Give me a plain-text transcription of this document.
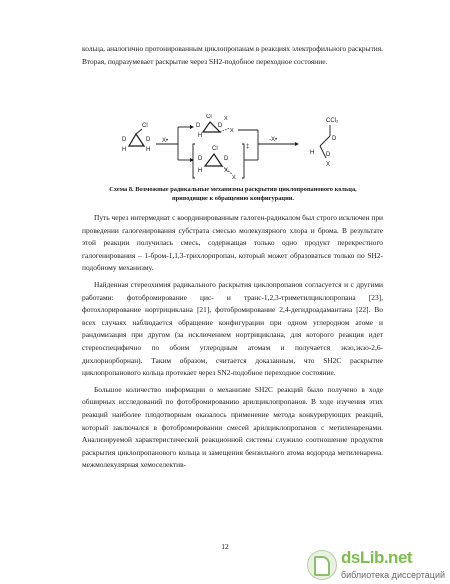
кольца, аналогично протонированным циклопропанам в реакциях электрофильного раскрытия. Вторая, подразумевает раскрытие через SH2-подобное переходное состояние.

Cl
D	D
H	H
X•
Cl
D	D
H
X
X
‡
Cl
D	D
H	X
X
-X•
CCl₂
D
H D
X
Схема 8. Возможные радикальные механизмы раскрытия циклопропанового кольца, приводящие к обращению конфигурации.

Путь через интермедиат с координированным галоген-радикалом был строго исключен при проведении галогенирования субстрата смесью молекулярного хлора и брома. В результате этой реакции получилась смесь, содержащая только одно продукт перекрестного галогенирования – 1-бром-1,1,3-трихлорпропан, который может образоваться только по SH2-подобному механизму.

Найденная стереохимия радикального раскрытия циклопропанов согласуется и с другими работами: фотобромирование цис- и транс-1,2,3-триметилциклопропана [23], фотохлорирование нортрициклана [21], фотобромирование 2,4-дегидроадамантана [22]. Во всех случаях наблюдается обращение конфигурации при одном углеродном атоме и рандомизация при другом (за исключением нортрициклана, для которого реакция идет стереоспецифично по обоим углеродным атомам и получается экзо,экзо-2,6-дихлорнорборнан). Таким образом, считается доказанным, что SH2C раскрытие циклопропанового кольца протекает через SN2-подобное переходное состояние.

Большое количество информации о механизме SH2C реакций было получено в ходе обширных исследований по фотобромированию арилциклопропанов. В ходе изучения этих реакций наиболее плодотворным оказалось применение метода конкурирующих реакций, который заключался в фотобромировании смесей арилциклопропанов с метиленаренами. Анализируемой характеристической реакционной системы служило соотношение продуктов раскрытия циклопропанового кольца и замещения бензильного атома водорода метиленарена. межмолекулярная хемоселектив-

12
dsLib.net
библиотека диссертаций
